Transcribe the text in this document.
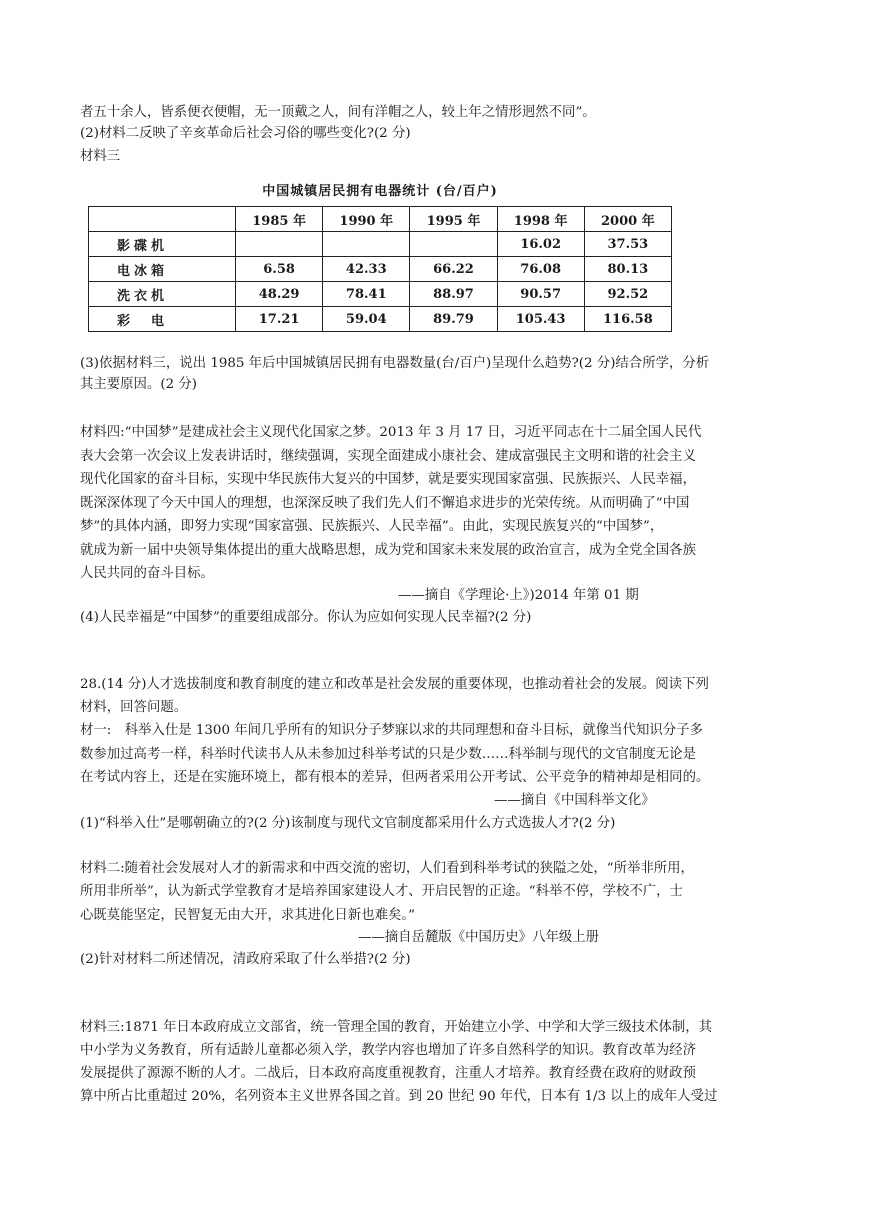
者五十余人，皆系便衣便帽，无一顶戴之人，间有洋帽之人，较上年之情形迥然不同”。
(2)材料二反映了辛亥革命后社会习俗的哪些变化?(2 分)
材料三
中国城镇居民拥有电器统计 (台/百户)
	1985 年	1990 年	1995 年	1998 年	2000 年
影碟机				16.02	37.53
电冰箱	6.58	42.33	66.22	76.08	80.13
洗衣机	48.29	78.41	88.97	90.57	92.52
彩　电	17.21	59.04	89.79	105.43	116.58
(3)依据材料三，说出 1985 年后中国城镇居民拥有电器数量(台/百户)呈现什么趋势?(2 分)结合所学，分析
其主要原因。(2 分)
材料四:“中国梦”是建成社会主义现代化国家之梦。2013 年 3 月 17 日，习近平同志在十二届全国人民代
表大会第一次会议上发表讲话时，继续强调，实现全面建成小康社会、建成富强民主文明和谐的社会主义
现代化国家的奋斗目标，实现中华民族伟大复兴的中国梦，就是要实现国家富强、民族振兴、人民幸福，
既深深体现了今天中国人的理想，也深深反映了我们先人们不懈追求进步的光荣传统。从而明确了“中国
梦”的具体内涵，即努力实现“国家富强、民族振兴、人民幸福”。由此，实现民族复兴的“中国梦”，
就成为新一届中央领导集体提出的重大战略思想，成为党和国家未来发展的政治宣言，成为全党全国各族
人民共同的奋斗目标。
——摘自《学理论·上》)2014 年第 01 期
(4)人民幸福是“中国梦”的重要组成部分。你认为应如何实现人民幸福?(2 分)
28.(14 分)人才选拔制度和教育制度的建立和改革是社会发展的重要体现，也推动着社会的发展。阅读下列
材料，回答问题。
材一:　科举入仕是 1300 年间几乎所有的知识分子梦寐以求的共同理想和奋斗目标，就像当代知识分子多
数参加过高考一样，科举时代读书人从未参加过科举考试的只是少数……科举制与现代的文官制度无论是
在考试内容上，还是在实施环境上，都有根本的差异，但两者采用公开考试、公平竞争的精神却是相同的。
——摘自《中国科举文化》
(1)“科举入仕”是哪朝确立的?(2 分)该制度与现代文官制度都采用什么方式选拔人才?(2 分)
材料二:随着社会发展对人才的新需求和中西交流的密切，人们看到科举考试的狭隘之处，“所举非所用，
所用非所举”，认为新式学堂教育才是培养国家建设人才、开启民智的正途。“科举不停，学校不广，士
心既莫能坚定，民智复无由大开，求其进化日新也难矣。”
——摘自岳麓版《中国历史》八年级上册
(2)针对材料二所述情况，清政府采取了什么举措?(2 分)
材料三:1871 年日本政府成立文部省，统一管理全国的教育，开始建立小学、中学和大学三级技术体制，其
中小学为义务教育，所有适龄儿童都必须入学，教学内容也增加了许多自然科学的知识。教育改革为经济
发展提供了源源不断的人才。二战后，日本政府高度重视教育，注重人才培养。教育经费在政府的财政预
算中所占比重超过 20%，名列资本主义世界各国之首。到 20 世纪 90 年代，日本有 1/3 以上的成年人受过
